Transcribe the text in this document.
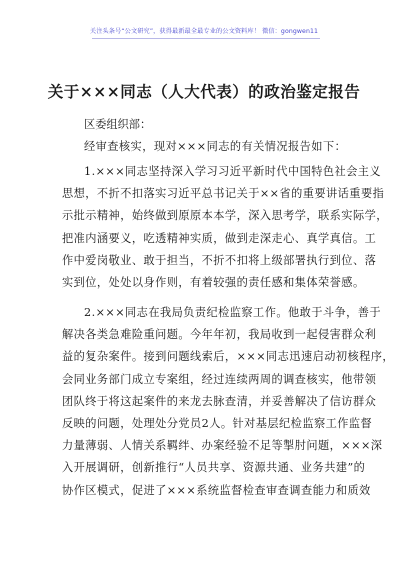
关注头条号“公文研究”，获得最新最全最专业的公文资料库！ 微信：gongwen11
关于×××同志（人大代表）的政治鉴定报告
区委组织部：
经审查核实，现对×××同志的有关情况报告如下：
1.×××同志坚持深入学习习近平新时代中国特色社会主义
思想，不折不扣落实习近平总书记关于××省的重要讲话重要指
示批示精神，始终做到原原本本学，深入思考学，联系实际学，
把准内涵要义，吃透精神实质，做到走深走心、真学真信。工
作中爱岗敬业、敢于担当，不折不扣将上级部署执行到位、落
实到位，处处以身作则，有着较强的责任感和集体荣誉感。
2.×××同志在我局负责纪检监察工作。他敢于斗争，善于
解决各类急难险重问题。今年年初，我局收到一起侵害群众利
益的复杂案件。接到问题线索后，×××同志迅速启动初核程序，
会同业务部门成立专案组，经过连续两周的调查核实，他带领
团队终于将这起案件的来龙去脉查清，并妥善解决了信访群众
反映的问题，处理处分党员2人。针对基层纪检监察工作监督
力量薄弱、人情关系羁绊、办案经验不足等掣肘问题，×××深
入开展调研，创新推行“人员共享、资源共通、业务共建”的
协作区模式，促进了×××系统监督检查审查调查能力和质效
